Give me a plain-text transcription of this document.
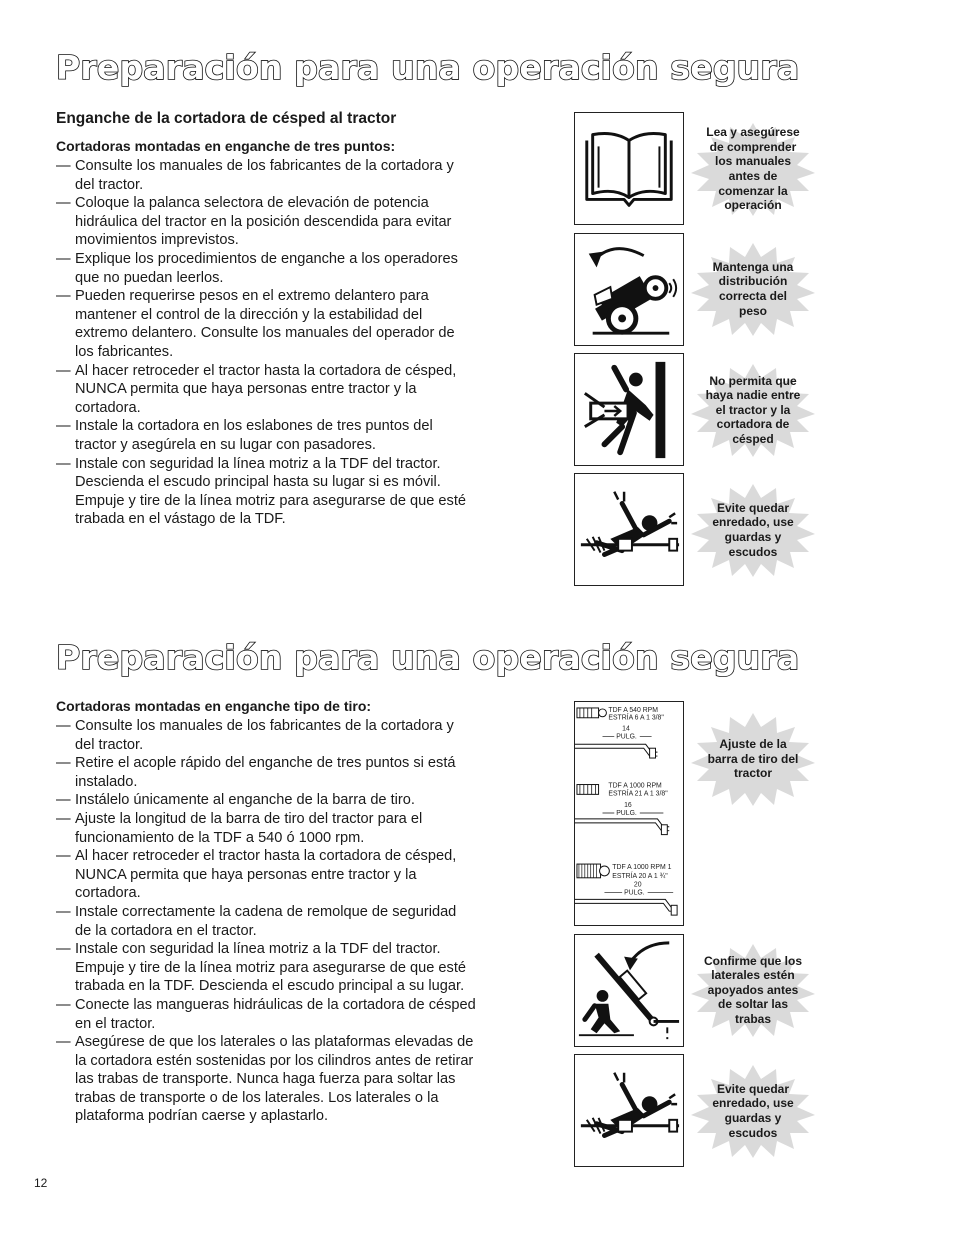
Preparación para una operación segura
Enganche de la cortadora de césped al tractor
Cortadoras montadas en enganche de tres puntos:
— Consulte los manuales de los fabricantes de la cortadora y del tractor.
— Coloque la palanca selectora de elevación de potencia hidráulica del tractor en la posición descendida para evitar movimientos imprevistos.
— Explique los procedimientos de enganche a los operadores que no puedan leerlos.
— Pueden requerirse pesos en el extremo delantero para mantener el control de la dirección y la estabilidad del extremo delantero. Consulte los manuales del operador de los fabricantes.
— Al hacer retroceder el tractor hasta la cortadora de césped, NUNCA permita que haya personas entre tractor y la cortadora.
— Instale la cortadora en los eslabones de tres puntos del tractor y asegúrela en su lugar con pasadores.
— Instale con seguridad la línea motriz a la TDF del tractor. Descienda el escudo principal hasta su lugar si es móvil. Empuje y tire de la línea motriz para asegurarse de que esté trabada en el vástago de la TDF.
Lea y asegúrese de comprender los manuales antes de comenzar la operación
Mantenga una distribución correcta del peso
No permita que haya nadie entre el tractor y la cortadora de césped
Evite quedar enredado, use guardas y escudos
Preparación para una operación segura
Cortadoras montadas en enganche tipo de tiro:
— Consulte los manuales de los fabricantes de la cortadora y del tractor.
— Retire el acople rápido del enganche de tres puntos si está instalado.
— Instálelo únicamente al enganche de la barra de tiro.
— Ajuste la longitud de la barra de tiro del tractor para el funcionamiento de la TDF a 540 ó 1000 rpm.
— Al hacer retroceder el tractor hasta la cortadora de césped, NUNCA permita que haya personas entre tractor y la cortadora.
— Instale correctamente la cadena de remolque de seguridad de la cortadora en el tractor.
— Instale con seguridad la línea motriz a la TDF del tractor. Empuje y tire de la línea motriz para asegurarse de que esté trabada en la TDF. Descienda el escudo principal a su lugar.
— Conecte las mangueras hidráulicas de la cortadora de césped en el tractor.
— Asegúrese de que los laterales o las plataformas elevadas de la cortadora estén sostenidas por los cilindros antes de retirar las trabas de transporte. Nunca haga fuerza para soltar las trabas de transporte o de los laterales. Los laterales o la plataforma podrían caerse y aplastarlo.
TDF A 540 RPM
ESTRÍA 6 A 1 3/8"
14
PULG.
TDF A 1000 RPM
ESTRÍA 21 A 1 3/8"
16
PULG.
TDF A 1000 RPM 1
ESTRÍA 20 A 1 ¾"
20
PULG.
Ajuste de la barra de tiro del tractor
Confirme que los laterales estén apoyados antes de soltar las trabas
Evite quedar enredado, use guardas y escudos
12
